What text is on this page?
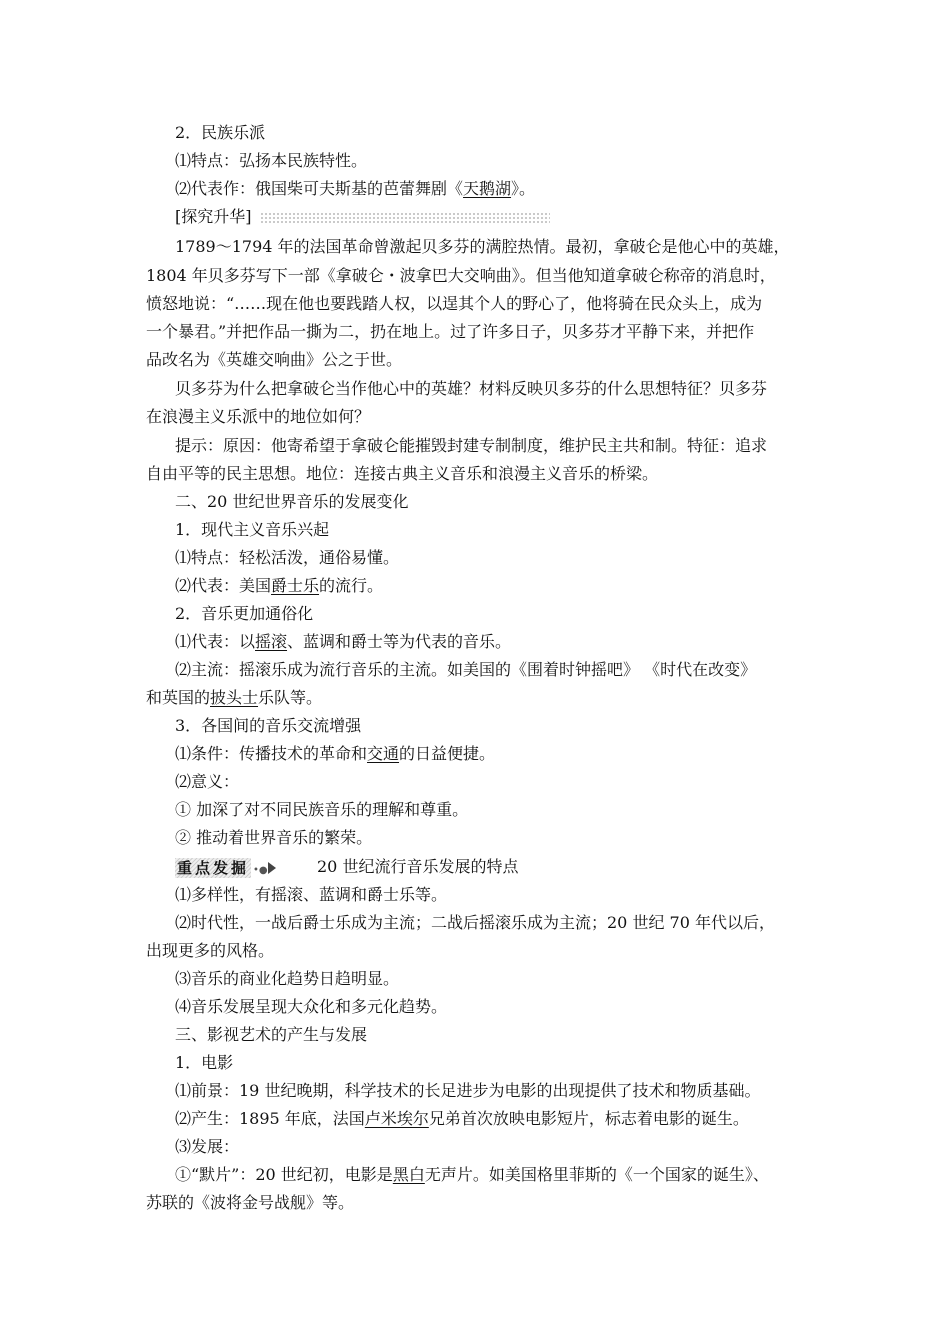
2．民族乐派
⑴特点：弘扬本民族特性。
⑵代表作：俄国柴可夫斯基的芭蕾舞剧《天鹅湖》。
[探究升华]
1789～1794 年的法国革命曾激起贝多芬的满腔热情。最初，拿破仑是他心中的英雄，
1804 年贝多芬写下一部《拿破仑・波拿巴大交响曲》。但当他知道拿破仑称帝的消息时，
愤怒地说：“……现在他也要践踏人权，以逞其个人的野心了，他将骑在民众头上，成为
一个暴君。”并把作品一撕为二，扔在地上。过了许多日子，贝多芬才平静下来，并把作
品改名为《英雄交响曲》公之于世。
贝多芬为什么把拿破仑当作他心中的英雄？材料反映贝多芬的什么思想特征？贝多芬
在浪漫主义乐派中的地位如何？
提示：原因：他寄希望于拿破仑能摧毁封建专制制度，维护民主共和制。特征：追求
自由平等的民主思想。地位：连接古典主义音乐和浪漫主义音乐的桥梁。
二、20 世纪世界音乐的发展变化
1．现代主义音乐兴起
⑴特点：轻松活泼，通俗易懂。
⑵代表：美国爵士乐的流行。
2．音乐更加通俗化
⑴代表：以摇滚、蓝调和爵士等为代表的音乐。
⑵主流：摇滚乐成为流行音乐的主流。如美国的《围着时钟摇吧》 《时代在改变》
和英国的披头士乐队等。
3．各国间的音乐交流增强
⑴条件：传播技术的革命和交通的日益便捷。
⑵意义：
① 加深了对不同民族音乐的理解和尊重。
② 推动着世界音乐的繁荣。
重点发掘 •●	20 世纪流行音乐发展的特点
⑴多样性，有摇滚、蓝调和爵士乐等。
⑵时代性，一战后爵士乐成为主流；二战后摇滚乐成为主流；20 世纪 70 年代以后，
出现更多的风格。
⑶音乐的商业化趋势日趋明显。
⑷音乐发展呈现大众化和多元化趋势。
三、影视艺术的产生与发展
1．电影
⑴前景：19 世纪晚期，科学技术的长足进步为电影的出现提供了技术和物质基础。
⑵产生：1895 年底，法国卢米埃尔兄弟首次放映电影短片，标志着电影的诞生。
⑶发展：
①“默片”：20 世纪初，电影是黑白无声片。如美国格里菲斯的《一个国家的诞生》、
苏联的《波将金号战舰》等。
